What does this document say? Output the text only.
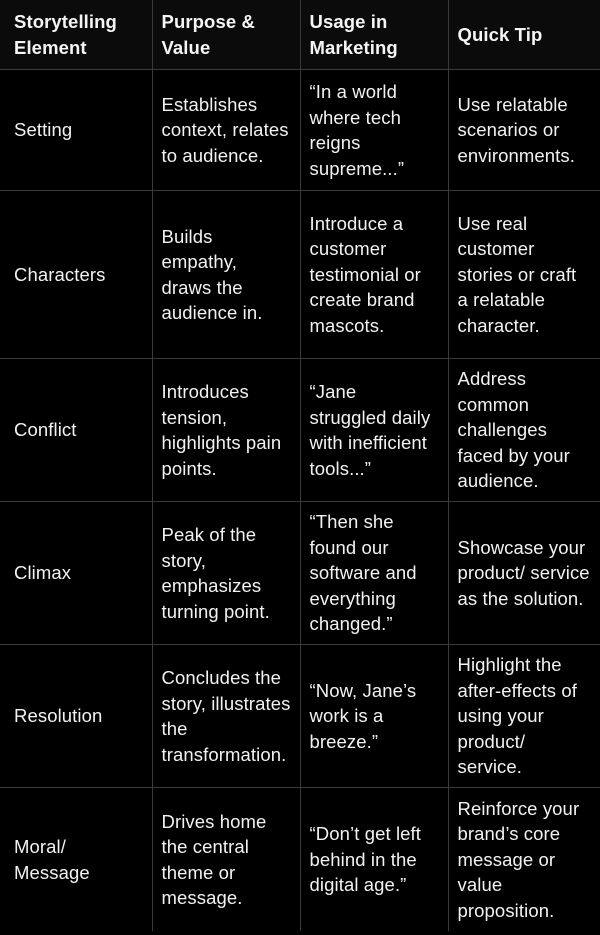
Storytelling Element	Purpose & Value	Usage in Marketing	Quick Tip
Setting	Establishes context, relates to audience.	“In a world where tech reigns supreme...”	Use relatable scenarios or environments.
Characters	Builds empathy, draws the audience in.	Introduce a customer testimonial or create brand mascots.	Use real customer stories or craft a relatable character.
Conflict	Introduces tension, highlights pain points.	“Jane struggled daily with inefficient tools...”	Address common challenges faced by your audience.
Climax	Peak of the story, emphasizes turning point.	“Then she found our software and everything changed.”	Showcase your product/ service as the solution.
Resolution	Concludes the story, illustrates the transformation.	“Now, Jane’s work is a breeze.”	Highlight the after-effects of using your product/ service.
Moral/ Message	Drives home the central theme or message.	“Don’t get left behind in the digital age.”	Reinforce your brand’s core message or value proposition.
